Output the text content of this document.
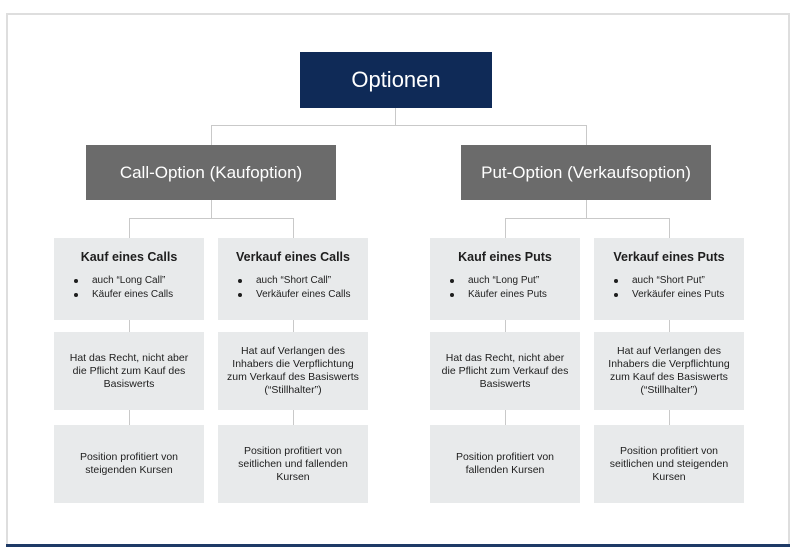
Optionen
Call-Option (Kaufoption)	Put-Option (Verkaufsoption)
Kauf eines Calls
auch “Long Call”
Käufer eines Calls
Hat das Recht, nicht aber die Pflicht zum Kauf des Basiswerts
Position profitiert von steigenden Kursen
Verkauf eines Calls
auch “Short Call”
Verkäufer eines Calls
Hat auf Verlangen des Inhabers die Verpflichtung zum Verkauf des Basiswerts (“Stillhalter”)
Position profitiert von seitlichen und fallenden Kursen
Kauf eines Puts
auch “Long Put”
Käufer eines Puts
Hat das Recht, nicht aber die Pflicht zum Verkauf des Basiswerts
Position profitiert von fallenden Kursen
Verkauf eines Puts
auch “Short Put”
Verkäufer eines Puts
Hat auf Verlangen des Inhabers die Verpflichtung zum Kauf des Basiswerts (“Stillhalter”)
Position profitiert von seitlichen und steigenden Kursen
